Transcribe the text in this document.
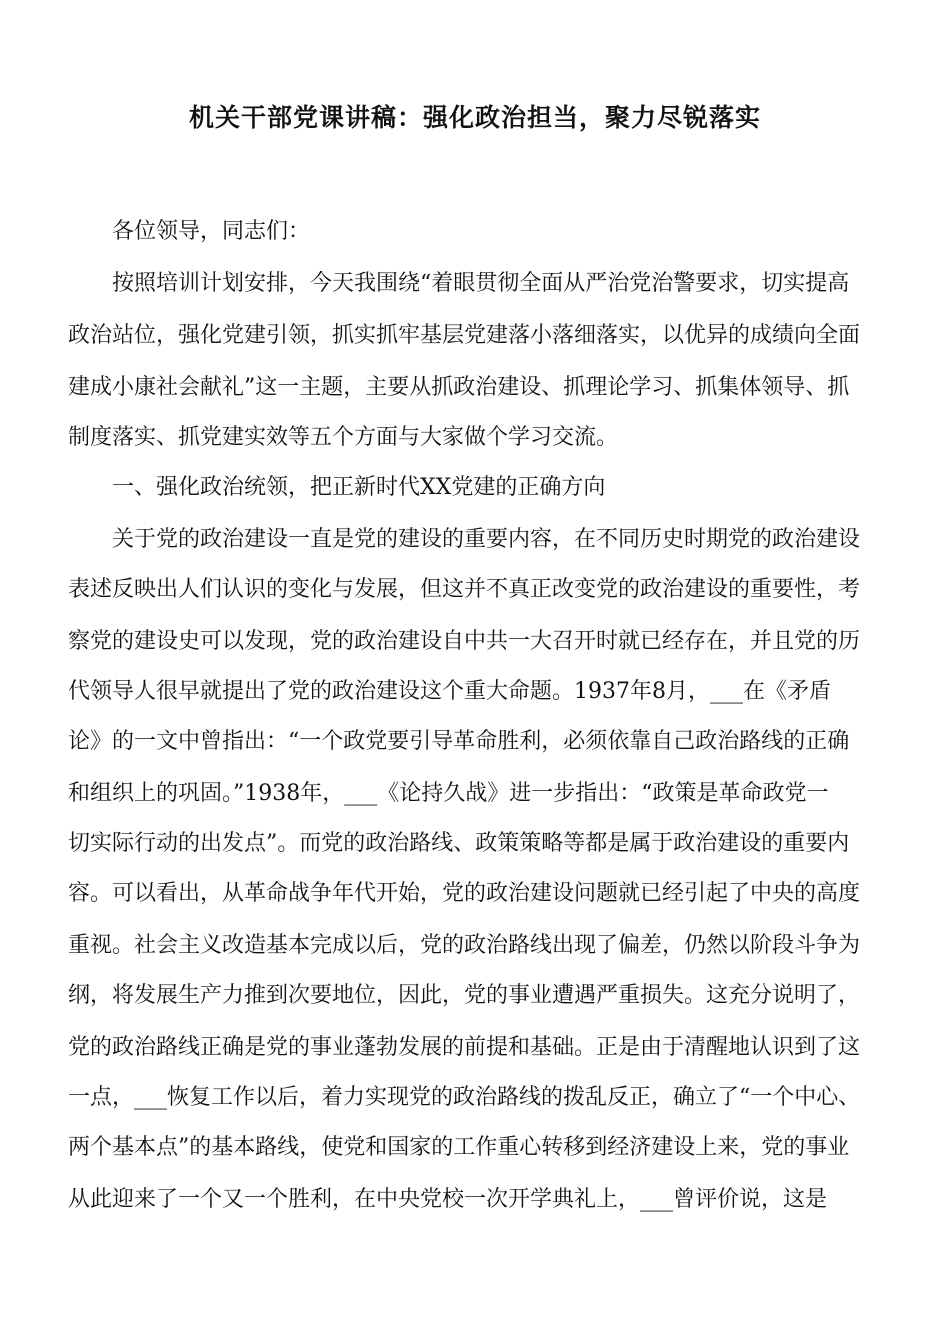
机关干部党课讲稿：强化政治担当，聚力尽锐落实
　　各位领导，同志们：
　　按照培训计划安排，今天我围绕“着眼贯彻全面从严治党治警要求，切实提高
政治站位，强化党建引领，抓实抓牢基层党建落小落细落实，以优异的成绩向全面
建成小康社会献礼”这一主题，主要从抓政治建设、抓理论学习、抓集体领导、抓
制度落实、抓党建实效等五个方面与大家做个学习交流。
　　一、强化政治统领，把正新时代XX党建的正确方向
　　关于党的政治建设一直是党的建设的重要内容，在不同历史时期党的政治建设
表述反映出人们认识的变化与发展，但这并不真正改变党的政治建设的重要性，考
察党的建设史可以发现，党的政治建设自中共一大召开时就已经存在，并且党的历
代领导人很早就提出了党的政治建设这个重大命题。1937年8月，___在《矛盾
论》的一文中曾指出：“一个政党要引导革命胜利，必须依靠自己政治路线的正确
和组织上的巩固。”1938年，___《论持久战》进一步指出：“政策是革命政党一
切实际行动的出发点”。而党的政治路线、政策策略等都是属于政治建设的重要内
容。可以看出，从革命战争年代开始，党的政治建设问题就已经引起了中央的高度
重视。社会主义改造基本完成以后，党的政治路线出现了偏差，仍然以阶段斗争为
纲，将发展生产力推到次要地位，因此，党的事业遭遇严重损失。这充分说明了，
党的政治路线正确是党的事业蓬勃发展的前提和基础。正是由于清醒地认识到了这
一点，___恢复工作以后，着力实现党的政治路线的拨乱反正，确立了“一个中心、
两个基本点”的基本路线，使党和国家的工作重心转移到经济建设上来，党的事业
从此迎来了一个又一个胜利，在中央党校一次开学典礼上，___曾评价说，这是
